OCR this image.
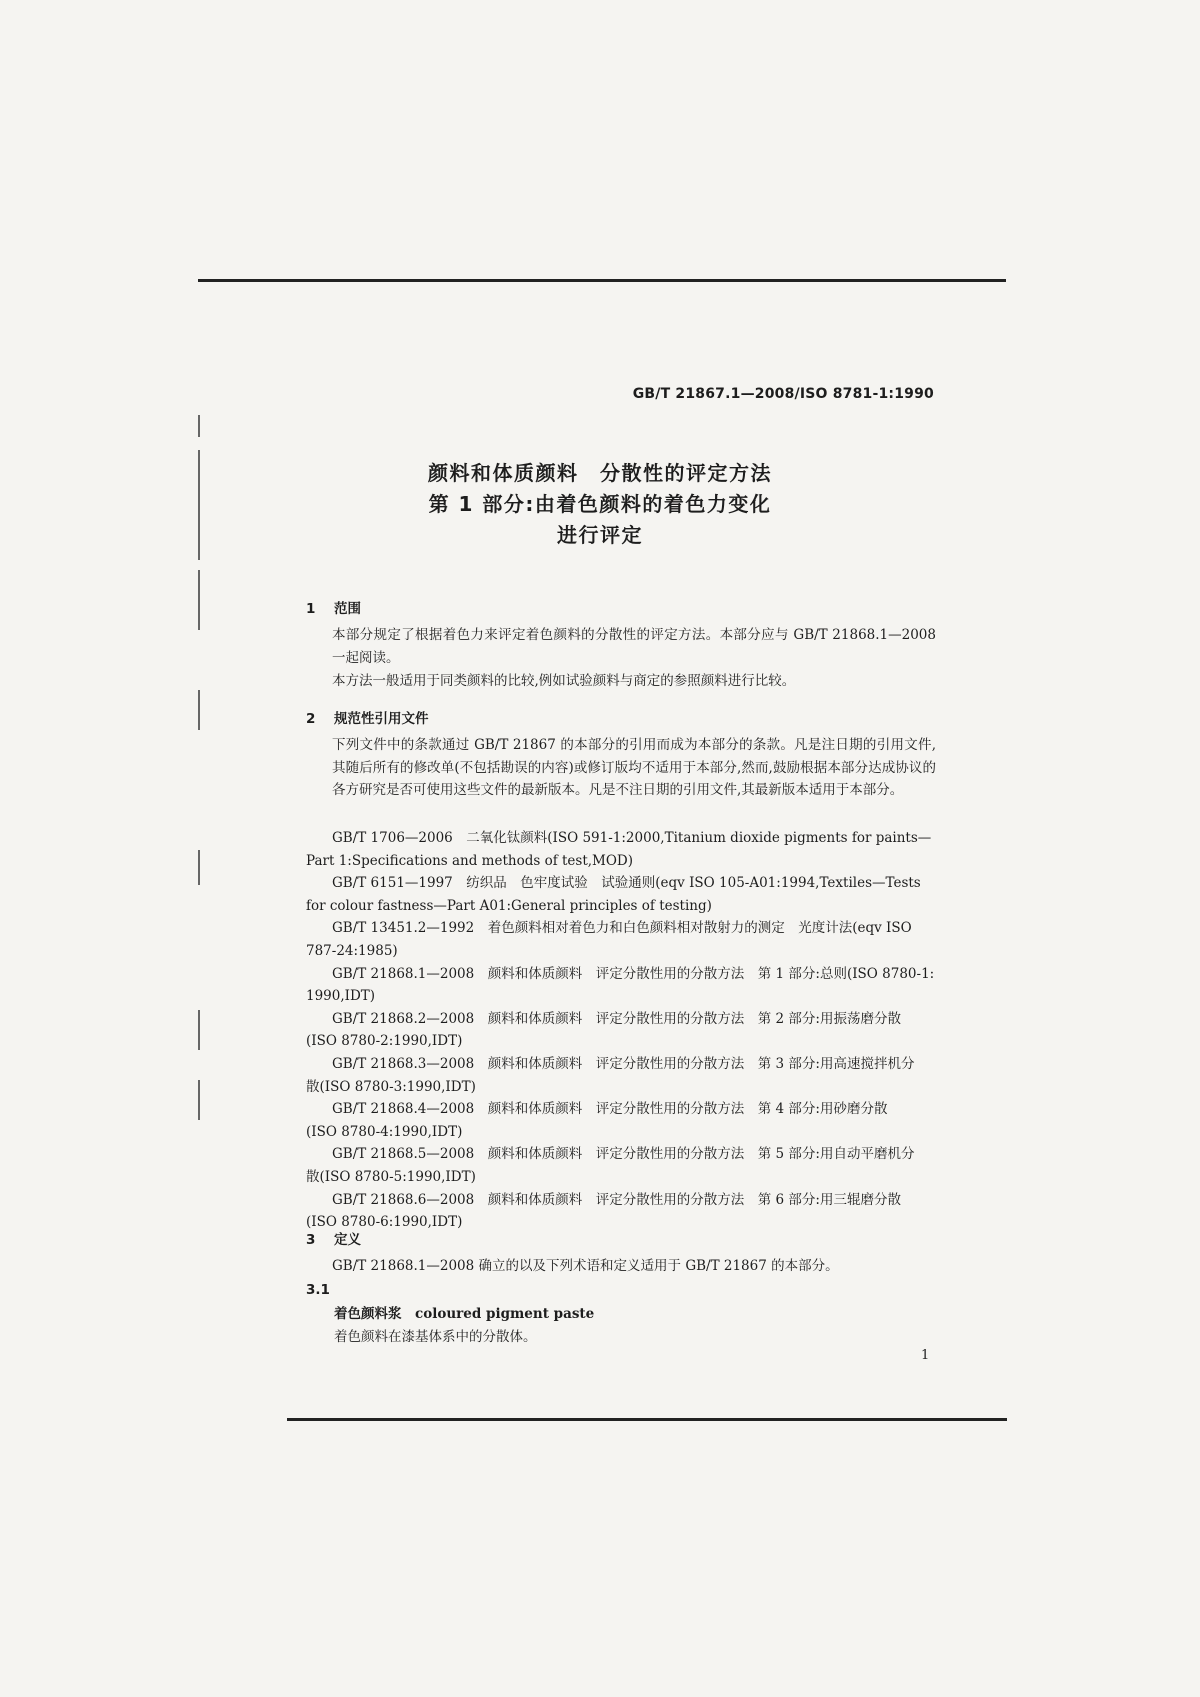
GB/T 21867.1—2008/ISO 8781-1:1990
颜料和体质颜料　分散性的评定方法
第 1 部分:由着色颜料的着色力变化
进行评定
1 范围
本部分规定了根据着色力来评定着色颜料的分散性的评定方法。本部分应与 GB/T 21868.1—2008 一起阅读。
本方法一般适用于同类颜料的比较,例如试验颜料与商定的参照颜料进行比较。
2 规范性引用文件
下列文件中的条款通过 GB/T 21867 的本部分的引用而成为本部分的条款。凡是注日期的引用文件,其随后所有的修改单(不包括勘误的内容)或修订版均不适用于本部分,然而,鼓励根据本部分达成协议的各方研究是否可使用这些文件的最新版本。凡是不注日期的引用文件,其最新版本适用于本部分。
GB/T 1706—2006　二氧化钛颜料(ISO 591-1:2000,Titanium dioxide pigments for paints—
Part 1:Specifications and methods of test,MOD)
GB/T 6151—1997　纺织品　色牢度试验　试验通则(eqv ISO 105-A01:1994,Textiles—Tests
for colour fastness—Part A01:General principles of testing)
GB/T 13451.2—1992　着色颜料相对着色力和白色颜料相对散射力的测定　光度计法(eqv ISO
787-24:1985)
GB/T 21868.1—2008　颜料和体质颜料　评定分散性用的分散方法　第 1 部分:总则(ISO 8780-1:
1990,IDT)
GB/T 21868.2—2008　颜料和体质颜料　评定分散性用的分散方法　第 2 部分:用振荡磨分散
(ISO 8780-2:1990,IDT)
GB/T 21868.3—2008　颜料和体质颜料　评定分散性用的分散方法　第 3 部分:用高速搅拌机分
散(ISO 8780-3:1990,IDT)
GB/T 21868.4—2008　颜料和体质颜料　评定分散性用的分散方法　第 4 部分:用砂磨分散
(ISO 8780-4:1990,IDT)
GB/T 21868.5—2008　颜料和体质颜料　评定分散性用的分散方法　第 5 部分:用自动平磨机分
散(ISO 8780-5:1990,IDT)
GB/T 21868.6—2008　颜料和体质颜料　评定分散性用的分散方法　第 6 部分:用三辊磨分散
(ISO 8780-6:1990,IDT)
3 定义
GB/T 21868.1—2008 确立的以及下列术语和定义适用于 GB/T 21867 的本部分。
3.1
着色颜料浆　coloured pigment paste
着色颜料在漆基体系中的分散体。
1
